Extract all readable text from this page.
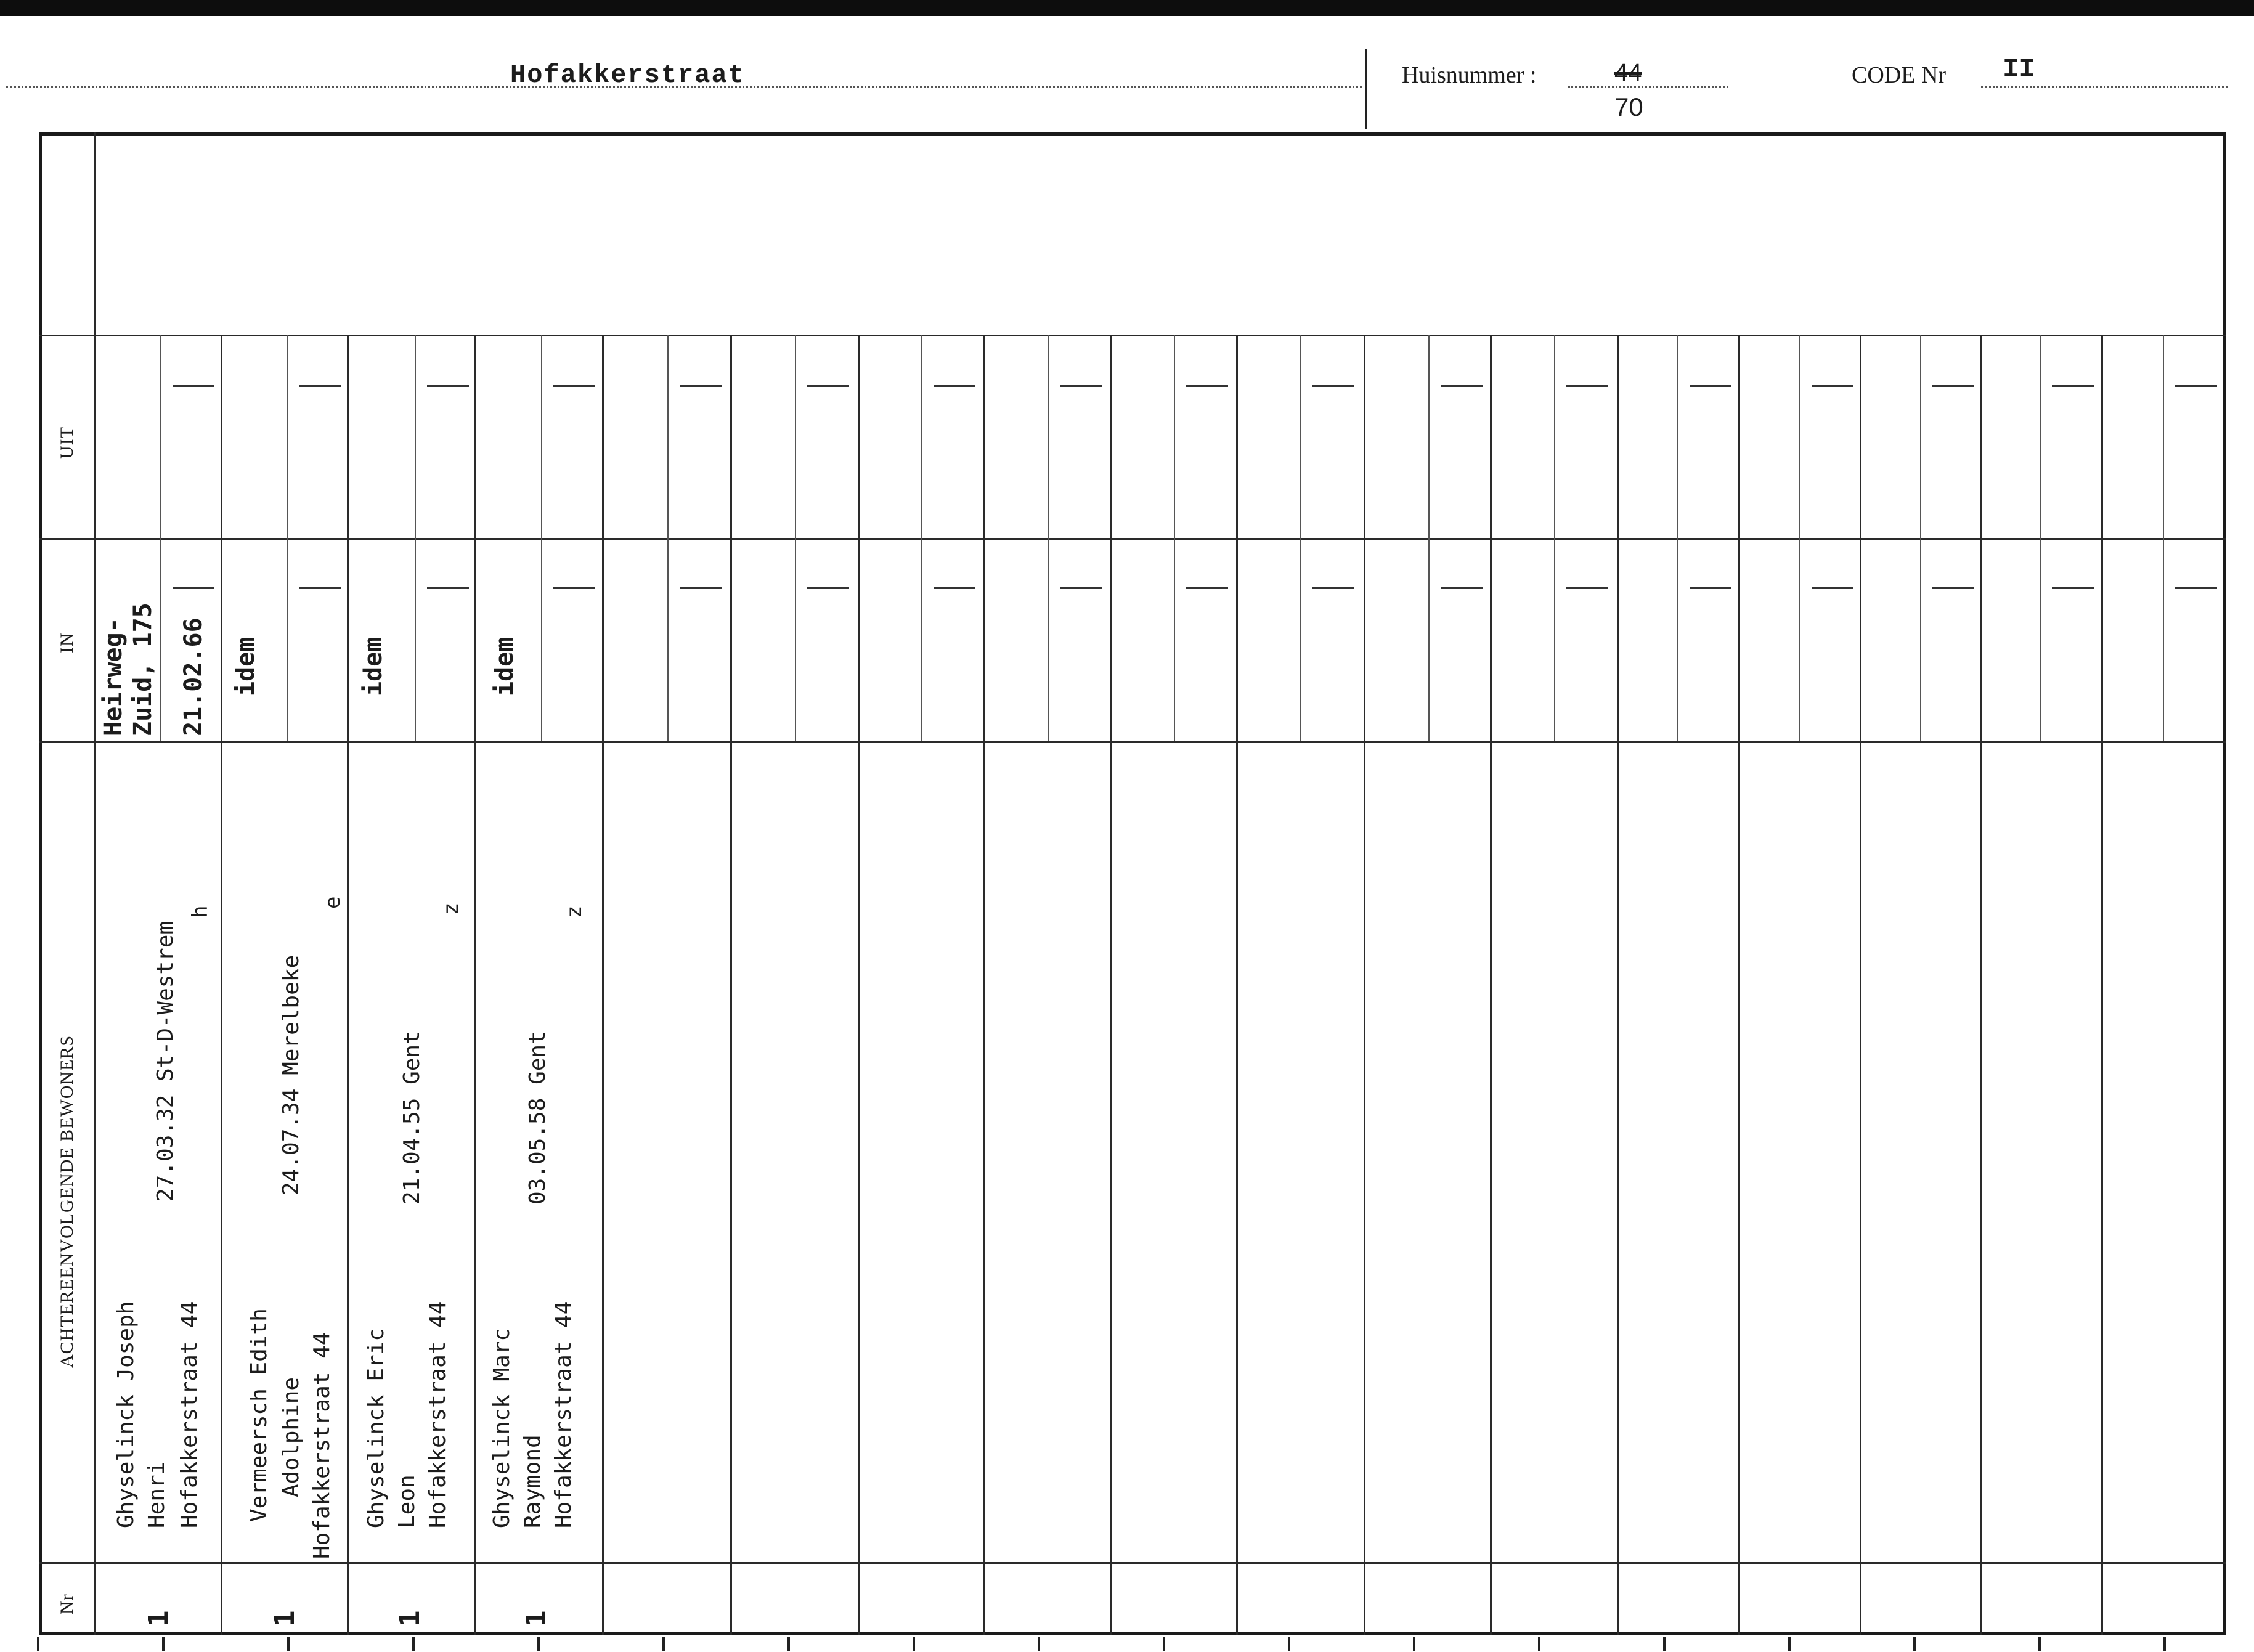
Hofakkerstraat	Huisnummer :	44
70
CODE Nr II
UIT
IN
ACHTEREENVOLGENDE BEWONERS
Nr
Ghyselinck Joseph Henri Hofakkerstraat 44
27.03.32 St-D-Westrem
h
Heirweg- Zuid, 175 21.02.66
1
Vermeersch Edith Adolphine Hofakkerstraat 44
24.07.34 Merelbeke
e
idem
1
Ghyselinck Eric Leon Hofakkerstraat 44
21.04.55 Gent
z
idem
1
Ghyselinck Marc Raymond Hofakkerstraat 44
03.05.58 Gent
z
idem
1
